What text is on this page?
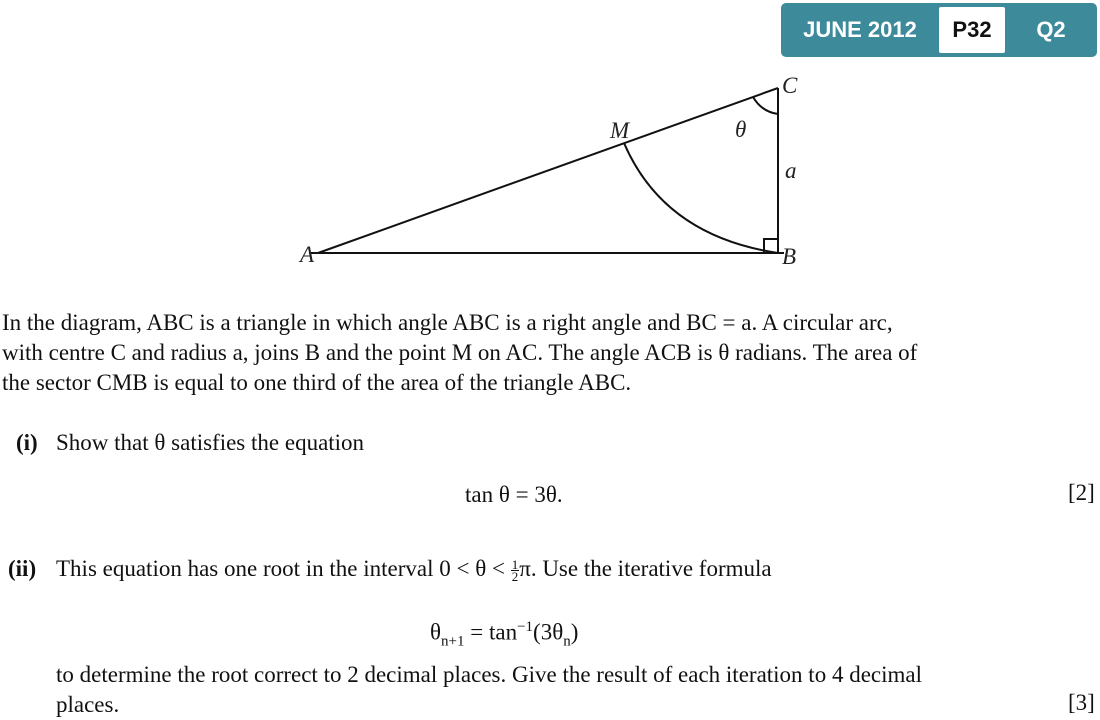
JUNE 2012	P32	Q2
A	B
C
M	θ
a
In the diagram, ABC is a triangle in which angle ABC is a right angle and BC = a. A circular arc,
with centre C and radius a, joins B and the point M on AC. The angle ACB is θ radians. The area of
the sector CMB is equal to one third of the area of the triangle ABC.
(i) Show that θ satisfies the equation
tan θ = 3θ.	[2]
(ii) This equation has one root in the interval $0 < \theta < \frac{1}{2} \pi$. Use the iterative formula
$\theta_{n+1} = \tan^{-1}(3\theta_n)$
to determine the root correct to 2 decimal places. Give the result of each iteration to 4 decimal
places.	[3]
